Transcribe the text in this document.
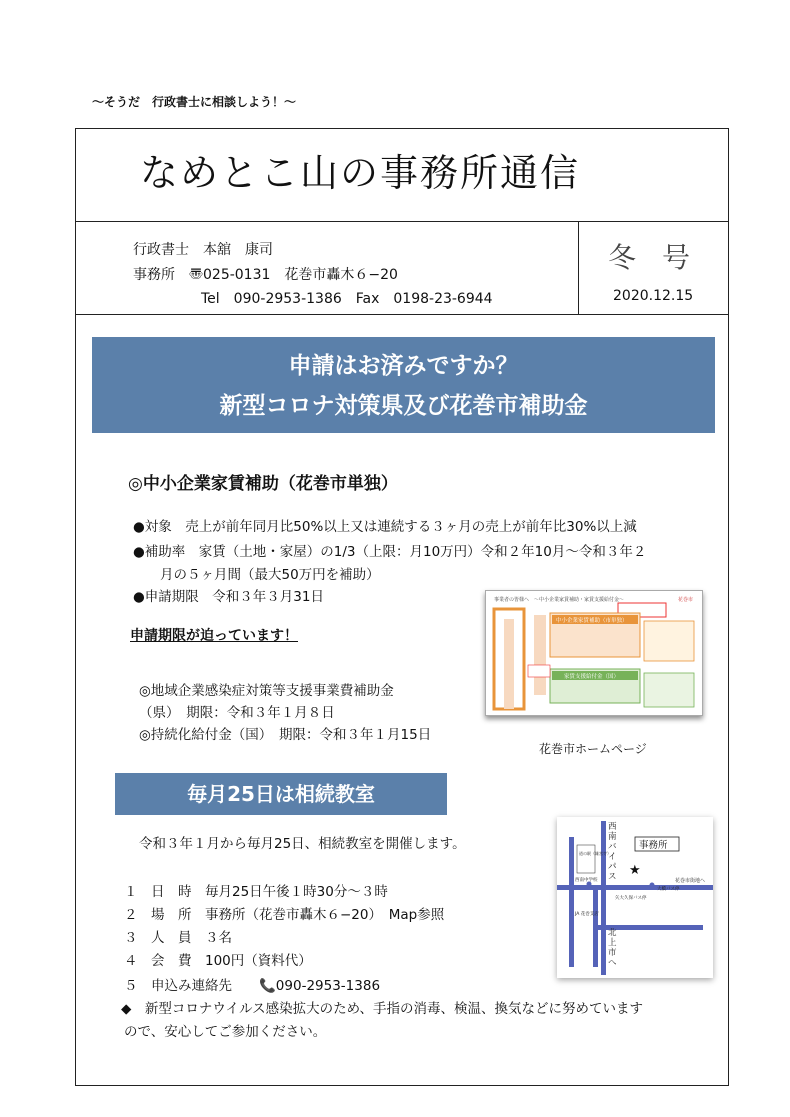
〜そうだ　行政書士に相談しよう！〜
なめとこ山の事務所通信
行政書士　本舘　康司
事務所　〠025-0131　花巻市轟木６−20
Tel　090-2953-1386　Fax　0198-23-6944
冬号
2020.12.15
申請はお済みですか？
新型コロナ対策県及び花巻市補助金
◎中小企業家賃補助（花巻市単独）
●対象　売上が前年同月比50%以上又は連続する３ヶ月の売上が前年比30%以上減
●補助率　家賃（土地・家屋）の1/3（上限：月10万円）令和２年10月〜令和３年２
　　月の５ヶ月間（最大50万円を補助）
●申請期限　令和３年３月31日
申請期限が迫っています！
◎地域企業感染症対策等支援事業費補助金
（県）　期限：令和３年１月８日
◎持続化給付金（国）　期限：令和３年１月15日
事業者の皆様へ　〜中小企業家賃補助・家賃支援給付金〜	花巻市
中小企業家賃補助（市単独）
家賃支援給付金（国）
花巻市ホームページ
毎月25日は相続教室
令和３年１月から毎月25日、相続教室を開催します。
１　日　時　毎月25日午後１時30分〜３時
２　場　所　事務所（花巻市轟木６−20）　Map参照
３　人　員　３名
４　会　費　100円（資料代）
５　申込み連絡先　　📞090-2953-1386
◆　新型コロナウイルス感染拡大のため、手指の消毒、検温、換気などに努めています
ので、安心してご参加ください。
西南バイパス
事務所
★
道の駅（雄宮寺）
花巻市街地へ
西南中学校
大橋バス停
矢大久保バス停
JA 花巻支店
北上市へ
